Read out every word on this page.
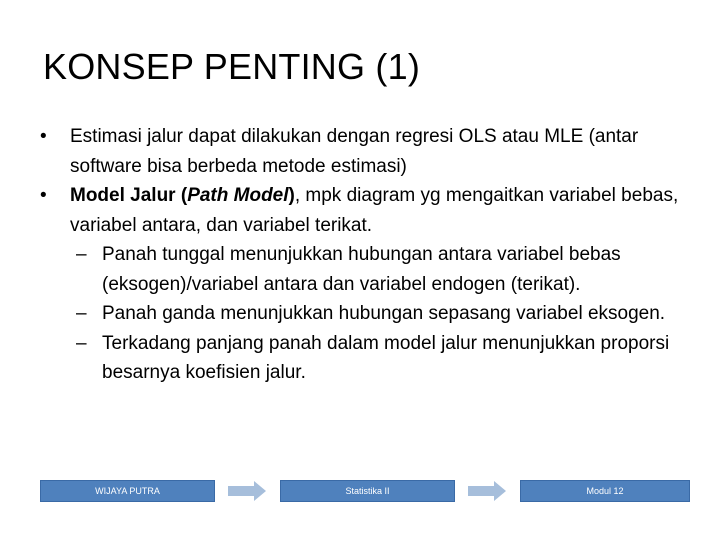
KONSEP PENTING (1)
• Estimasi jalur dapat dilakukan dengan regresi OLS atau MLE (antar software bisa berbeda metode estimasi)
• Model Jalur (Path Model), mpk diagram yg mengaitkan variabel bebas, variabel antara, dan variabel terikat.
– Panah tunggal menunjukkan hubungan antara variabel bebas (eksogen)/variabel antara dan variabel endogen (terikat).
– Panah ganda menunjukkan hubungan sepasang variabel eksogen.
– Terkadang panjang panah dalam model jalur menunjukkan proporsi besarnya koefisien jalur.
WIJAYA PUTRA	Statistika II	Modul 12
